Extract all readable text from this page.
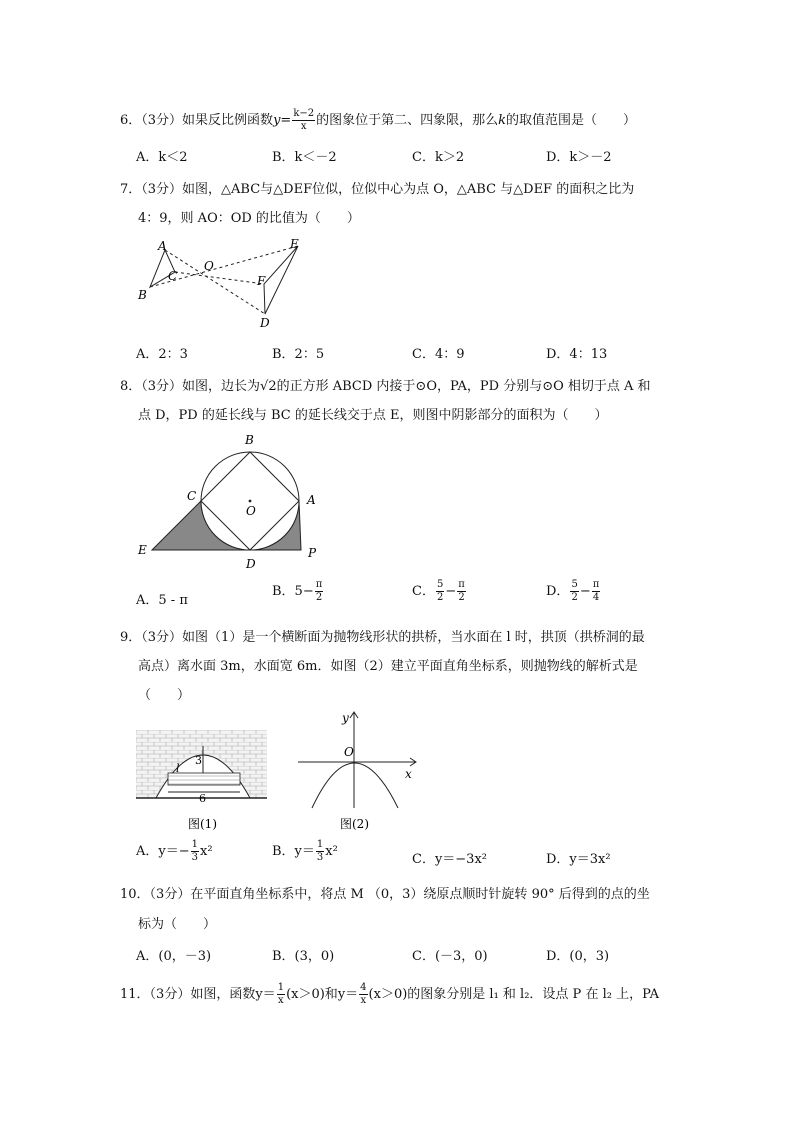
6．（3分）如果反比例函数$y= \frac{k-2}{x}$ 的图象位于第二、四象限，那么k的取值范围是（　　）
A．k＜2	B．k＜－2	C．k＞2	D．k＞－2
7．（3分）如图，△ABC与△DEF位似，位似中心为点 O，△ABC 与△DEF 的面积之比为
4：9，则 AO：OD 的比值为（　　）
A
C
O
E
F
B
D
A．2：3	B．2：5	C．4：9	D．4：13
8．（3分）如图，边长为√2的正方形 ABCD 内接于⊙O，PA，PD 分别与⊙O 相切于点 A 和
点 D，PD 的延长线与 BC 的延长线交于点 E，则图中阴影部分的面积为（　　）
B
C
O
A
E
D
P
A．5 - π
B．$5- \frac{\pi}{2}$	C． $\frac{5}{2} - \frac{\pi}{2}$	D． $\frac{5}{2} - \frac{\pi}{4}$
9．（3分）如图（1）是一个横断面为抛物线形状的拱桥，当水面在 l 时，拱顶（拱桥洞的最
高点）离水面 3m，水面宽 6m．如图（2）建立平面直角坐标系，则抛物线的解析式是
（　　）
3
l
6
图(1)
y
O
x
图(2)
A．$y=- \frac{1}{3} x^2$	B．$y= \frac{1}{3} x^2$
C．y＝−3x²	D．y＝3x²
10．（3分）在平面直角坐标系中，将点 M （0，3）绕原点顺时针旋转 90° 后得到的点的坐
标为（　　）
A．(0，－3)	B．(3，0)	C．(－3，0)	D．(0，3)
11．（3分）如图，函数$y= \frac{1}{x} (x>0)$和$y= \frac{4}{x} (x>0)$的图象分别是 l₁ 和 l₂．设点 P 在 l₂ 上，PA
